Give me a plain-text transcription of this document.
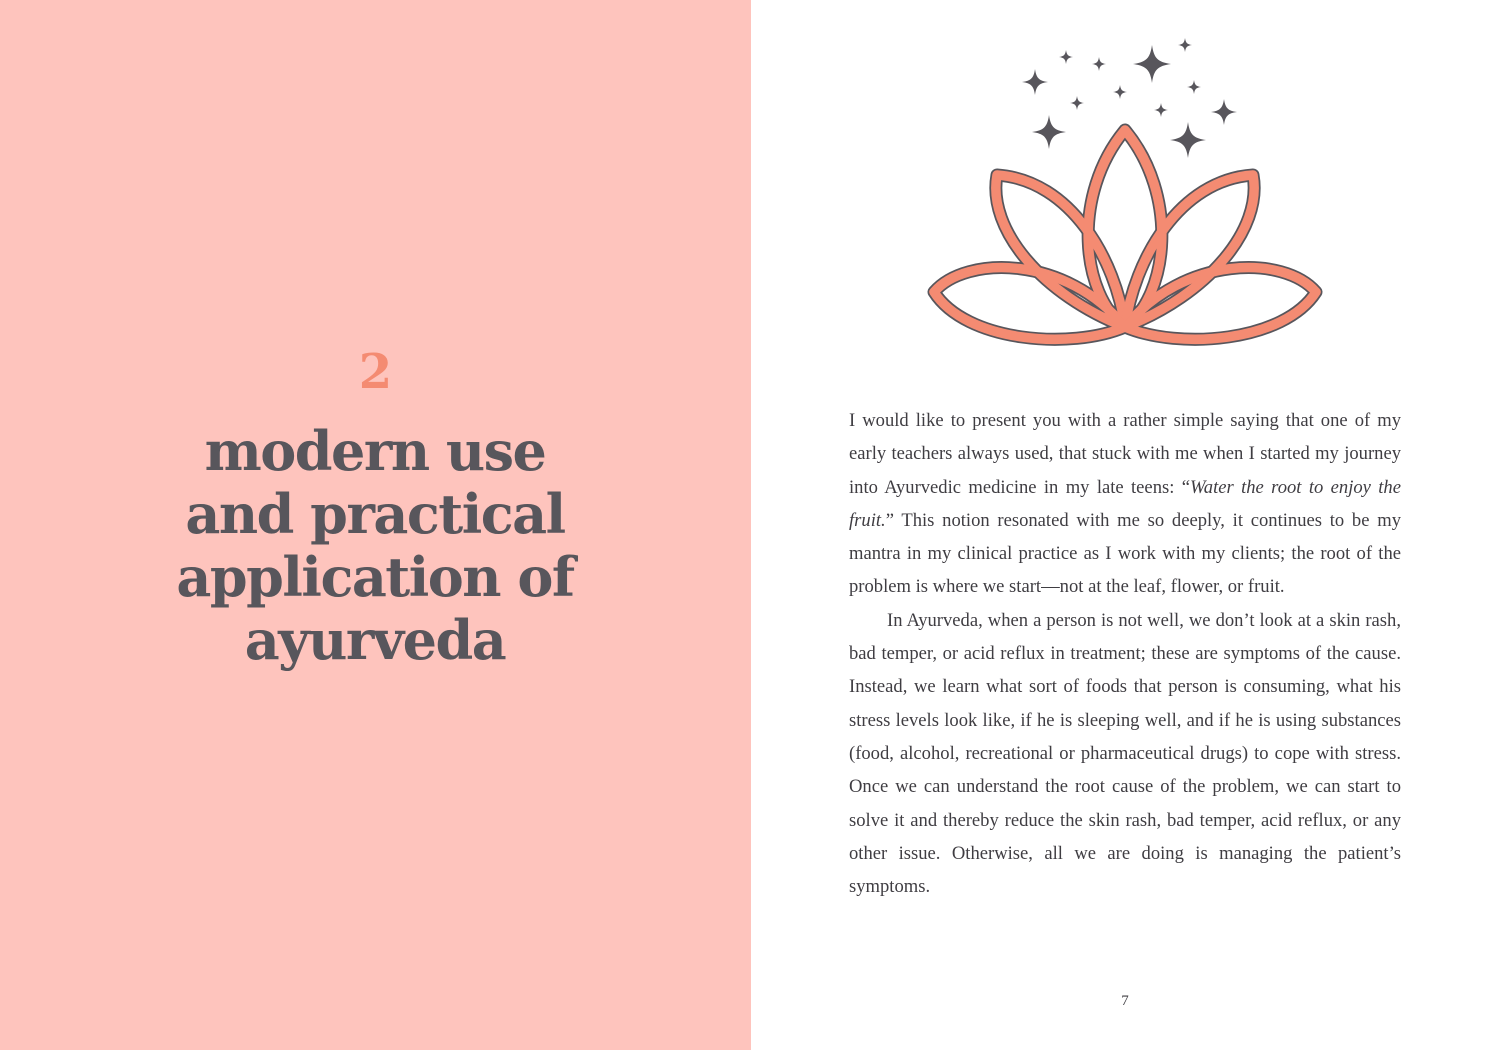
2
modern use
and practical
application of
ayurveda

I would like to present you with a rather simple saying that one of my early teachers always used, that stuck with me when I started my journey into Ayurvedic medicine in my late teens: “Water the root to enjoy the fruit.” This notion resonated with me so deeply, it continues to be my mantra in my clinical practice as I work with my clients; the root of the problem is where we start—not at the leaf, flower, or fruit.

In Ayurveda, when a person is not well, we don’t look at a skin rash, bad temper, or acid reflux in treatment; these are symptoms of the cause. Instead, we learn what sort of foods that person is consuming, what his stress levels look like, if he is sleeping well, and if he is using substances (food, alcohol, recreational or pharmaceutical drugs) to cope with stress. Once we can understand the root cause of the problem, we can start to solve it and thereby reduce the skin rash, bad temper, acid reflux, or any other issue. Otherwise, all we are doing is managing the patient’s symptoms.

7
